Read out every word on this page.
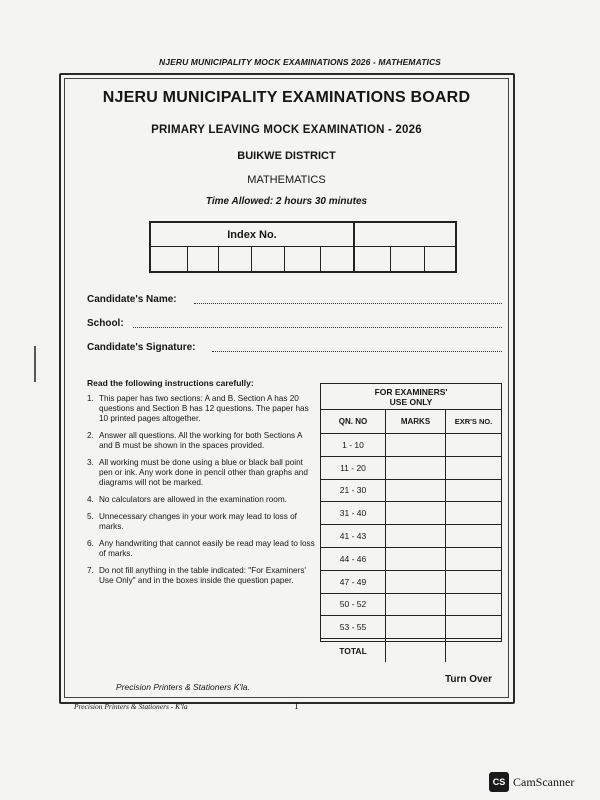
NJERU MUNICIPALITY MOCK EXAMINATIONS 2026 - MATHEMATICS
NJERU MUNICIPALITY EXAMINATIONS BOARD
PRIMARY LEAVING MOCK EXAMINATION - 2026
BUIKWE DISTRICT
MATHEMATICS
Time Allowed: 2 hours 30 minutes
Index No.
Candidate's Name:
School:
Candidate's Signature:
Read the following instructions carefully:
1. This paper has two sections: A and B. Section A has 20 questions and Section B has 12 questions. The paper has 10 printed pages altogether.
2. Answer all questions. All the working for both Sections A and B must be shown in the spaces provided.
3. All working must be done using a blue or black ball point pen or ink. Any work done in pencil other than graphs and diagrams will not be marked.
4. No calculators are allowed in the examination room.
5. Unnecessary changes in your work may lead to loss of marks.
6. Any handwriting that cannot easily be read may lead to loss of marks.
7. Do not fill anything in the table indicated: "For Examiners' Use Only" and in the boxes inside the question paper.
FOR EXAMINERS'
USE ONLY
QN. NO	MARKS	EXR'S NO.
1 - 10
11 - 20
21 - 30
31 - 40
41 - 43
44 - 46
47 - 49
50 - 52
53 - 55
TOTAL
Turn Over
Precision Printers & Stationers K'la.
Precision Printers & Stationers - K'la	1
CS CamScanner
